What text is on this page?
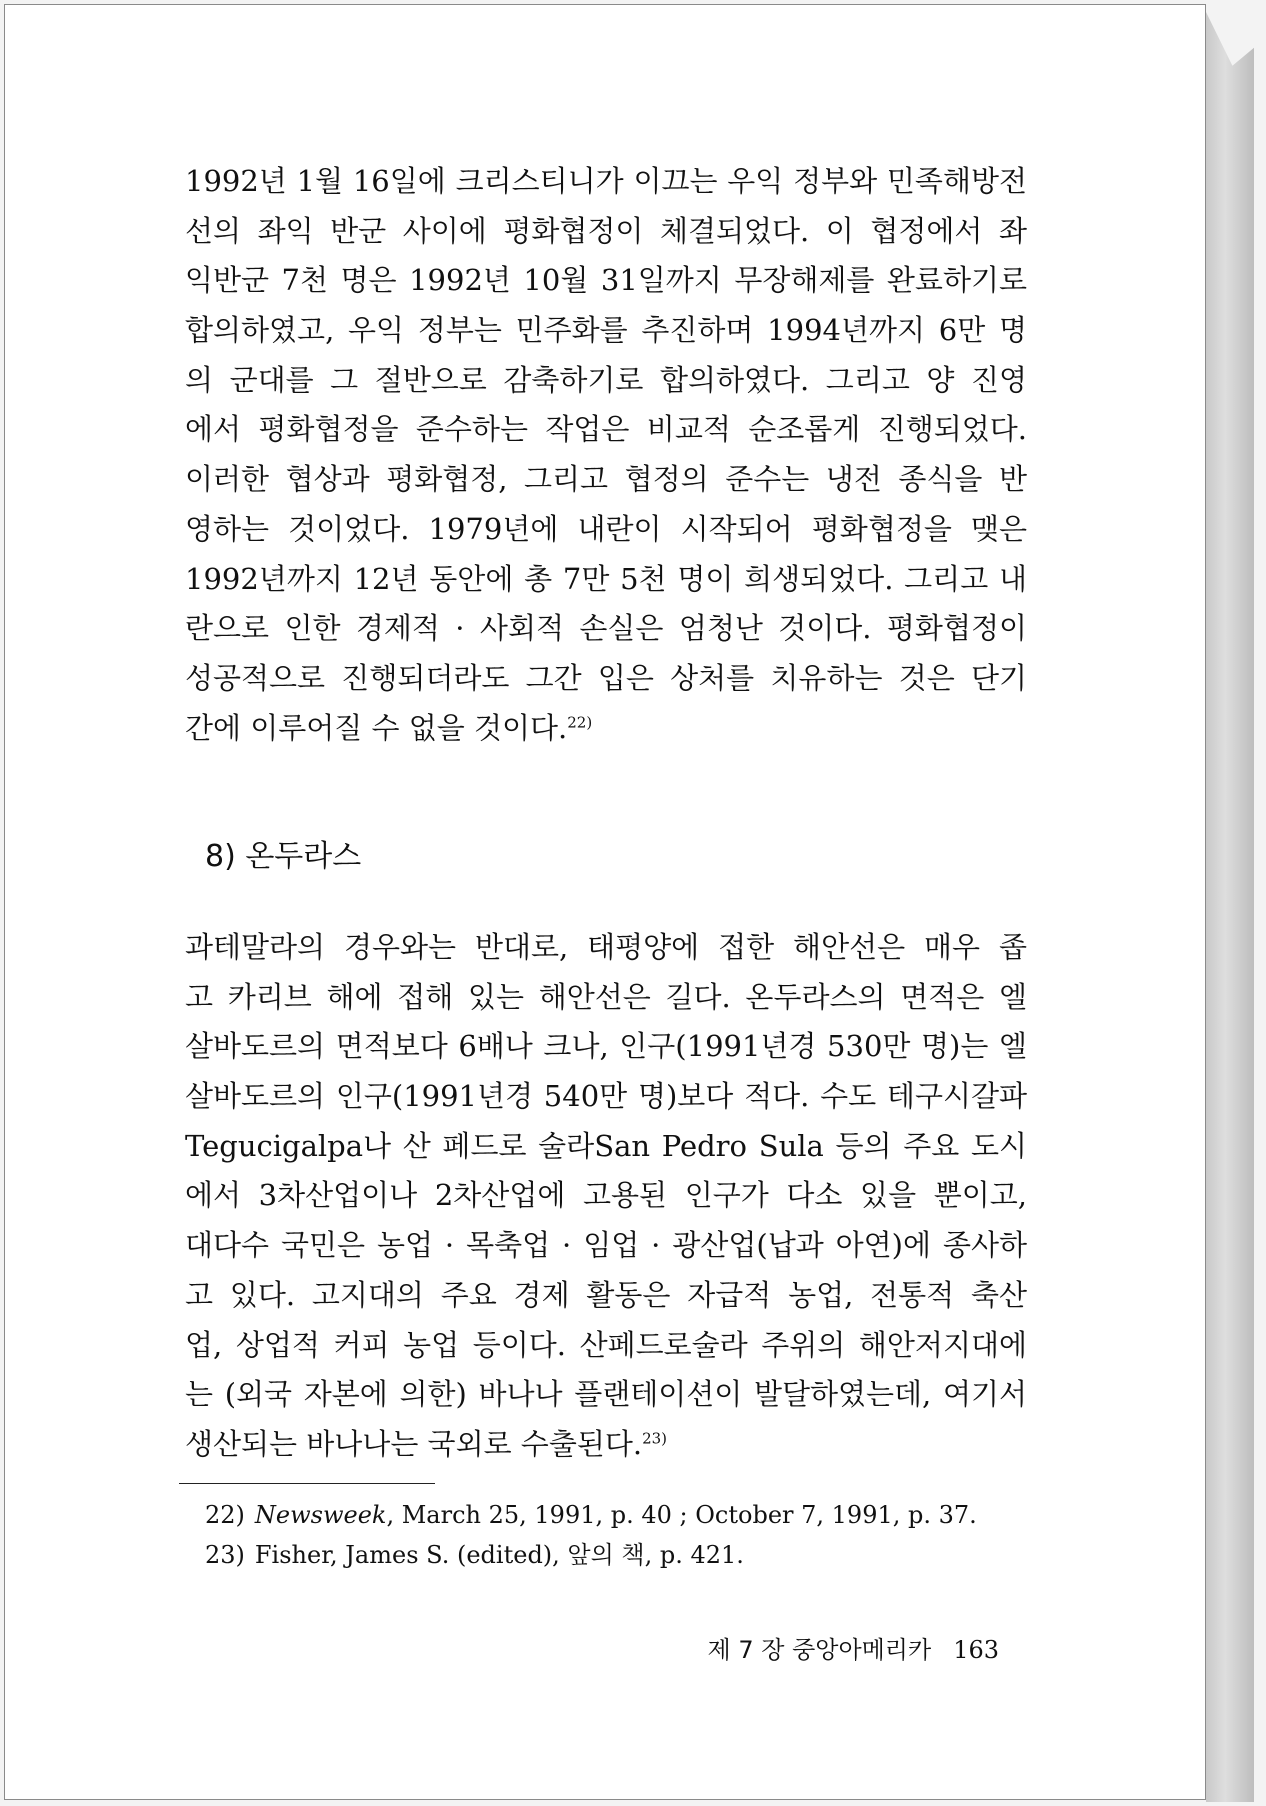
1992년 1월 16일에 크리스티니가 이끄는 우익 정부와 민족해방전
선의 좌익 반군 사이에 평화협정이 체결되었다. 이 협정에서 좌
익반군 7천 명은 1992년 10월 31일까지 무장해제를 완료하기로
합의하였고, 우익 정부는 민주화를 추진하며 1994년까지 6만 명
의 군대를 그 절반으로 감축하기로 합의하였다. 그리고 양 진영
에서 평화협정을 준수하는 작업은 비교적 순조롭게 진행되었다.
이러한 협상과 평화협정, 그리고 협정의 준수는 냉전 종식을 반
영하는 것이었다. 1979년에 내란이 시작되어 평화협정을 맺은
1992년까지 12년 동안에 총 7만 5천 명이 희생되었다. 그리고 내
란으로 인한 경제적 · 사회적 손실은 엄청난 것이다. 평화협정이
성공적으로 진행되더라도 그간 입은 상처를 치유하는 것은 단기
간에 이루어질 수 없을 것이다.$^{22)}$
8) 온두라스
과테말라의 경우와는 반대로, 태평양에 접한 해안선은 매우 좁
고 카리브 해에 접해 있는 해안선은 길다. 온두라스의 면적은 엘
살바도르의 면적보다 6배나 크나, 인구(1991년경 530만 명)는 엘
살바도르의 인구(1991년경 540만 명)보다 적다. 수도 테구시갈파
Tegucigalpa나 산 페드로 술라San Pedro Sula 등의 주요 도시
에서 3차산업이나 2차산업에 고용된 인구가 다소 있을 뿐이고,
대다수 국민은 농업 · 목축업 · 임업 · 광산업(납과 아연)에 종사하
고 있다. 고지대의 주요 경제 활동은 자급적 농업, 전통적 축산
업, 상업적 커피 농업 등이다. 산페드로술라 주위의 해안저지대에
는 (외국 자본에 의한) 바나나 플랜테이션이 발달하였는데, 여기서
생산되는 바나나는 국외로 수출된다.$^{23)}$
22) Newsweek, March 25, 1991, p. 40 ; October 7, 1991, p. 37.
23) Fisher, James S. (edited), 앞의 책, p. 421.
제 7 장 중앙아메리카 163
